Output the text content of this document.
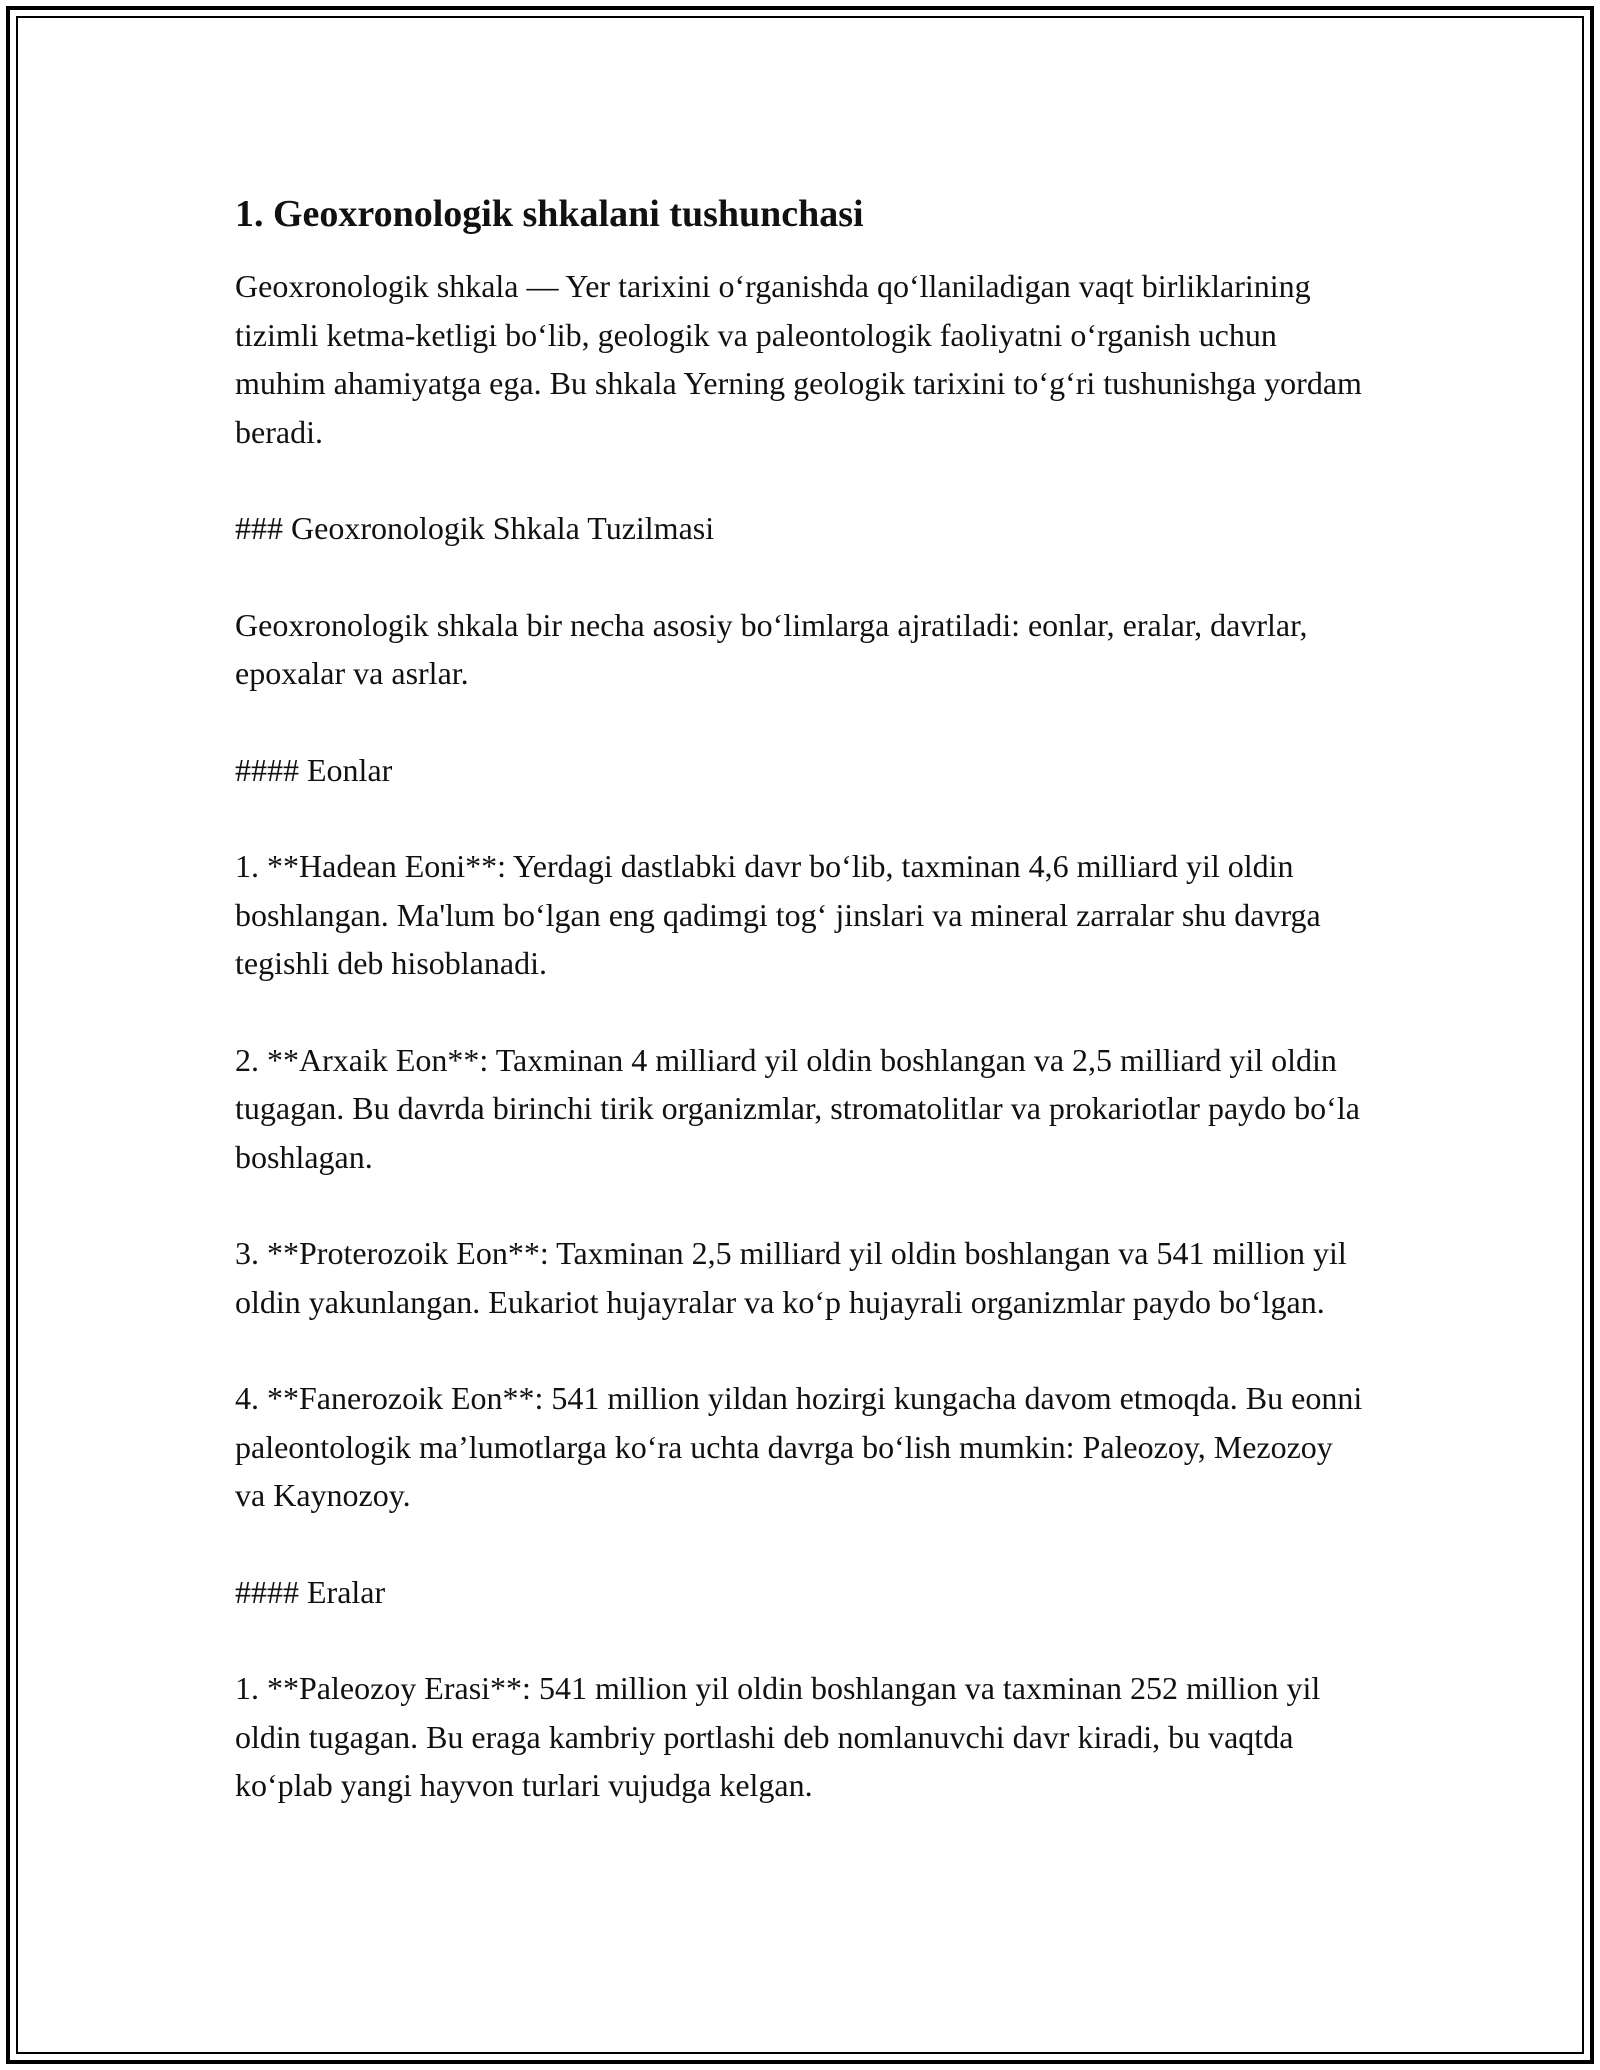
1. Geoxronologik shkalani tushunchasi

Geoxronologik shkala — Yer tarixini o‘rganishda qo‘llaniladigan vaqt birliklarining tizimli ketma-ketligi bo‘lib, geologik va paleontologik faoliyatni o‘rganish uchun muhim ahamiyatga ega. Bu shkala Yerning geologik tarixini to‘g‘ri tushunishga yordam beradi.

### Geoxronologik Shkala Tuzilmasi

Geoxronologik shkala bir necha asosiy bo‘limlarga ajratiladi: eonlar, eralar, davrlar, epoxalar va asrlar.

#### Eonlar

1. **Hadean Eoni**: Yerdagi dastlabki davr bo‘lib, taxminan 4,6 milliard yil oldin boshlangan. Ma'lum bo‘lgan eng qadimgi tog‘ jinslari va mineral zarralar shu davrga tegishli deb hisoblanadi.

2. **Arxaik Eon**: Taxminan 4 milliard yil oldin boshlangan va 2,5 milliard yil oldin tugagan. Bu davrda birinchi tirik organizmlar, stromatolitlar va prokariotlar paydo bo‘la boshlagan.

3. **Proterozoik Eon**: Taxminan 2,5 milliard yil oldin boshlangan va 541 million yil oldin yakunlangan. Eukariot hujayralar va ko‘p hujayrali organizmlar paydo bo‘lgan.

4. **Fanerozoik Eon**: 541 million yildan hozirgi kungacha davom etmoqda. Bu eonni paleontologik ma’lumotlarga ko‘ra uchta davrga bo‘lish mumkin: Paleozoy, Mezozoy va Kaynozoy.

#### Eralar

1. **Paleozoy Erasi**: 541 million yil oldin boshlangan va taxminan 252 million yil oldin tugagan. Bu eraga kambriy portlashi deb nomlanuvchi davr kiradi, bu vaqtda ko‘plab yangi hayvon turlari vujudga kelgan.
